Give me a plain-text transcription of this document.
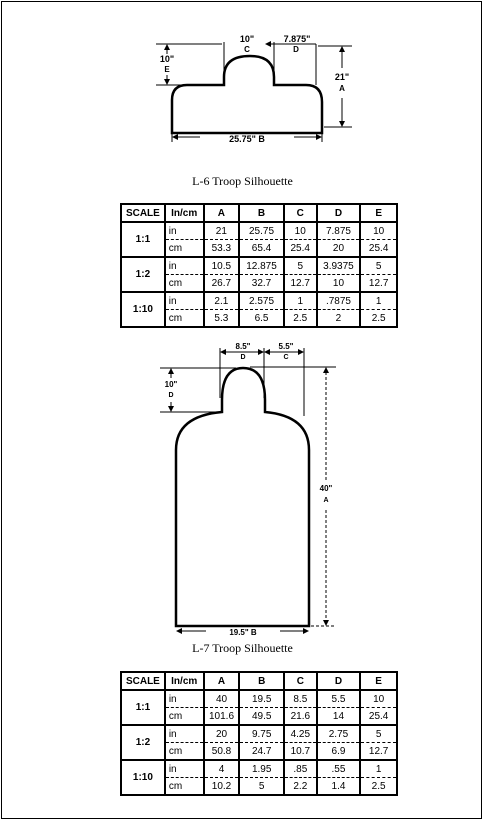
10"
C
7.875"
D
10"
E
21"
A
25.75" B
L-6 Troop Silhouette
SCALE	In/cm	A	B	C	D	E
1:1	in	21	25.75	10	7.875	10
	cm	53.3	65.4	25.4	20	25.4
1:2	in	10.5	12.875	5	3.9375	5
	cm	26.7	32.7	12.7	10	12.7
1:10	in	2.1	2.575	1	.7875	1
	cm	5.3	6.5	2.5	2	2.5
8.5"
D
5.5"
C
10"
D
40"
A
19.5" B
L-7 Troop Silhouette
SCALE	In/cm	A	B	C	D	E
1:1	in	40	19.5	8.5	5.5	10
	cm	101.6	49.5	21.6	14	25.4
1:2	in	20	9.75	4.25	2.75	5
	cm	50.8	24.7	10.7	6.9	12.7
1:10	in	4	1.95	.85	.55	1
	cm	10.2	5	2.2	1.4	2.5
